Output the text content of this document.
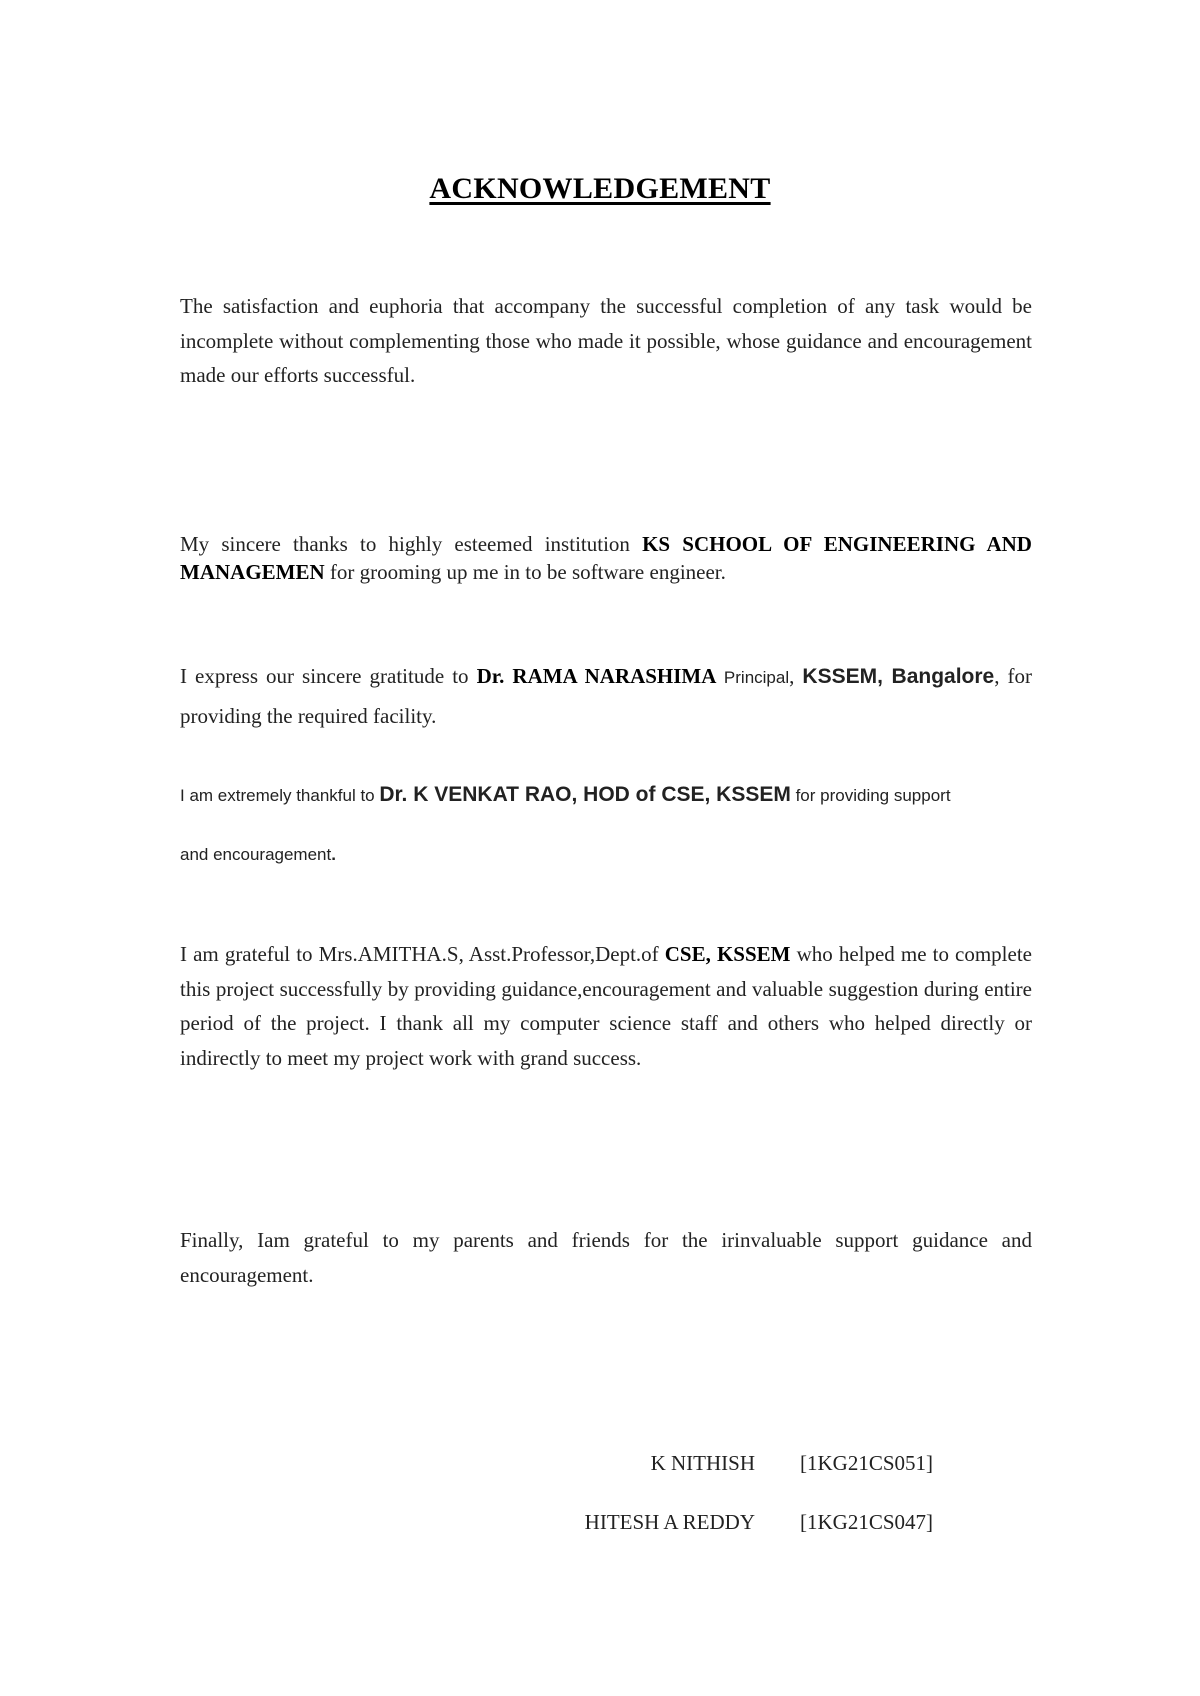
ACKNOWLEDGEMENT

The satisfaction and euphoria that accompany the successful completion of any task would be incomplete without complementing those who made it possible, whose guidance and encouragement made our efforts successful.

My sincere thanks to highly esteemed institution KS SCHOOL OF ENGINEERING AND MANAGEMEN for grooming up me in to be software engineer.

I express our sincere gratitude to Dr. RAMA NARASHIMA Principal, KSSEM, Bangalore, for providing the required facility.

I am extremely thankful to Dr. K VENKAT RAO, HOD of CSE, KSSEM for providing support
and encouragement.

I am grateful to Mrs.AMITHA.S, Asst.Professor,Dept.of CSE, KSSEM who helped me to complete this project successfully by providing guidance,encouragement and valuable suggestion during entire period of the project. I thank all my computer science staff and others who helped directly or indirectly to meet my project work with grand success.

Finally, Iam grateful to my parents and friends for the irinvaluable support guidance and encouragement.

K NITHISH [1KG21CS051]
HITESH A REDDY [1KG21CS047]
